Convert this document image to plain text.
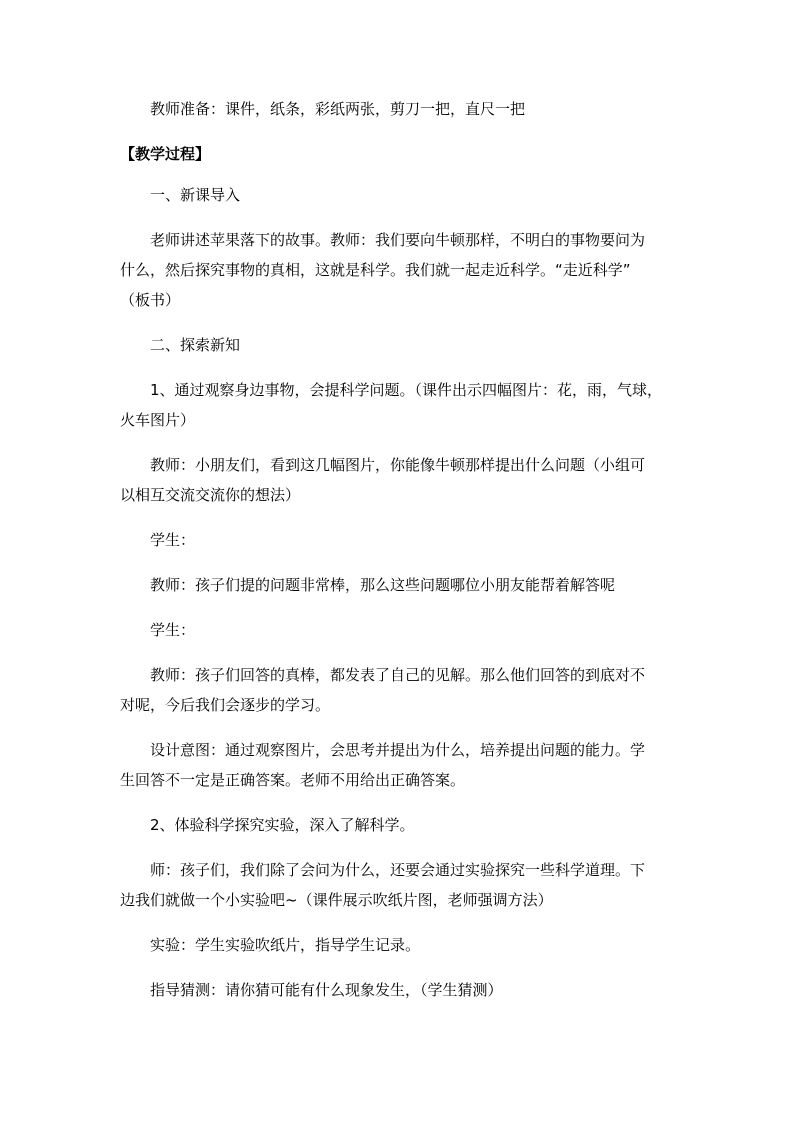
教师准备：课件，纸条，彩纸两张，剪刀一把，直尺一把
【教学过程】
一、新课导入
老师讲述苹果落下的故事。教师：我们要向牛顿那样，不明白的事物要问为
什么，然后探究事物的真相，这就是科学。我们就一起走近科学。“走近科学”
（板书）
二、探索新知
1、通过观察身边事物，会提科学问题。（课件出示四幅图片：花，雨，气球，
火车图片）
教师：小朋友们，看到这几幅图片，你能像牛顿那样提出什么问题（小组可
以相互交流交流你的想法）
学生：
教师：孩子们提的问题非常棒，那么这些问题哪位小朋友能帮着解答呢
学生：
教师：孩子们回答的真棒，都发表了自己的见解。那么他们回答的到底对不
对呢，今后我们会逐步的学习。
设计意图：通过观察图片，会思考并提出为什么，培养提出问题的能力。学
生回答不一定是正确答案。老师不用给出正确答案。
2、体验科学探究实验，深入了解科学。
师：孩子们，我们除了会问为什么，还要会通过实验探究一些科学道理。下
边我们就做一个小实验吧~（课件展示吹纸片图，老师强调方法）
实验：学生实验吹纸片，指导学生记录。
指导猜测：请你猜可能有什么现象发生，（学生猜测）
